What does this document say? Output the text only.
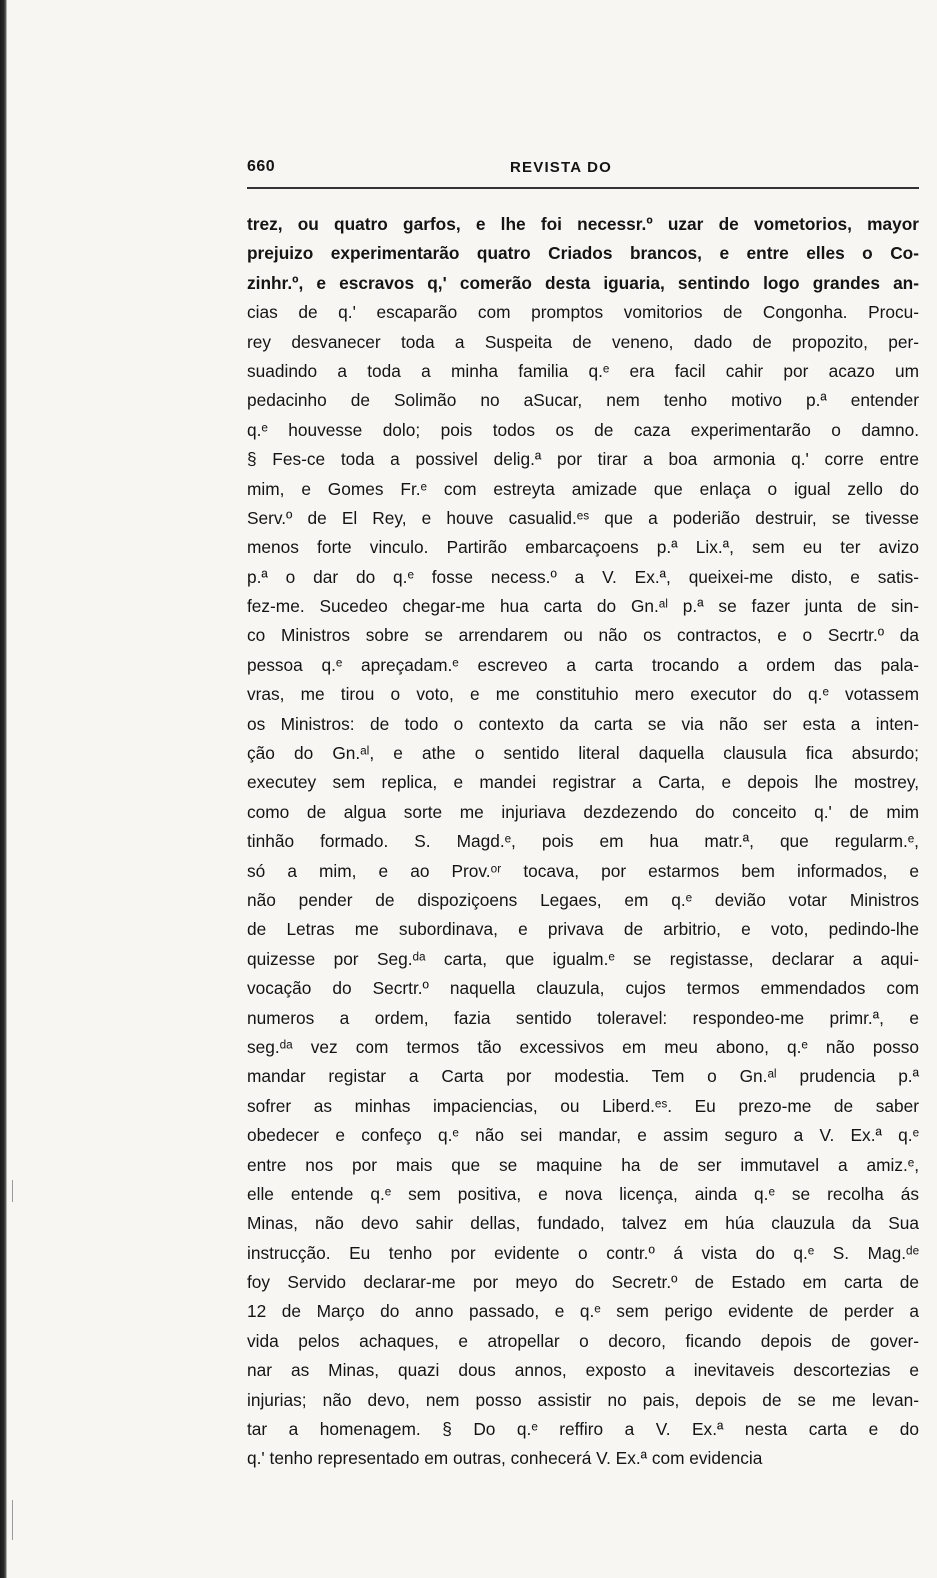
660	REVISTA DO
trez, ou quatro garfos, e lhe foi necessr.º uzar de vometorios, mayor
prejuizo experimentarão quatro Criados brancos, e entre elles o Co-
zinhr.º, e escravos q,' comerão desta iguaria, sentindo logo grandes an-
cias de q.' escaparão com promptos vomitorios de Congonha. Procu-
rey desvanecer toda a Suspeita de veneno, dado de propozito, per-
suadindo a toda a minha familia q.ᵉ era facil cahir por acazo um
pedacinho de Solimão no aSucar, nem tenho motivo p.ª entender
q.ᵉ houvesse dolo; pois todos os de caza experimentarão o damno.
§ Fes-ce toda a possivel delig.ª por tirar a boa armonia q.' corre entre
mim, e Gomes Fr.ᵉ com estreyta amizade que enlaça o igual zello do
Serv.º de El Rey, e houve casualid.ᵉˢ que a poderião destruir, se tivesse
menos forte vinculo. Partirão embarcaçoens p.ª Lix.ª, sem eu ter avizo
p.ª o dar do q.ᵉ fosse necess.º a V. Ex.ª, queixei-me disto, e satis-
fez-me. Sucedeo chegar-me hua carta do Gn.ᵃˡ p.ª se fazer junta de sin-
co Ministros sobre se arrendarem ou não os contractos, e o Secrtr.º da
pessoa q.ᵉ apreçadam.ᵉ escreveo a carta trocando a ordem das pala-
vras, me tirou o voto, e me constituhio mero executor do q.ᵉ votassem
os Ministros: de todo o contexto da carta se via não ser esta a inten-
ção do Gn.ᵃˡ, e athe o sentido literal daquella clausula fica absurdo;
executey sem replica, e mandei registrar a Carta, e depois lhe mostrey,
como de algua sorte me injuriava dezdezendo do conceito q.' de mim
tinhão formado. S. Magd.ᵉ, pois em hua matr.ª, que regularm.ᵉ,
só a mim, e ao Prov.ᵒʳ tocava, por estarmos bem informados, e
não pender de dispoziçoens Legaes, em q.ᵉ devião votar Ministros
de Letras me subordinava, e privava de arbitrio, e voto, pedindo-lhe
quizesse por Seg.ᵈᵃ carta, que igualm.ᵉ se registasse, declarar a aqui-
vocação do Secrtr.º naquella clauzula, cujos termos emmendados com
numeros a ordem, fazia sentido toleravel: respondeo-me primr.ª, e
seg.ᵈᵃ vez com termos tão excessivos em meu abono, q.ᵉ não posso
mandar registar a Carta por modestia. Tem o Gn.ᵃˡ prudencia p.ª
sofrer as minhas impaciencias, ou Liberd.ᵉˢ. Eu prezo-me de saber
obedecer e confeço q.ᵉ não sei mandar, e assim seguro a V. Ex.ª q.ᵉ
entre nos por mais que se maquine ha de ser immutavel a amiz.ᵉ,
elle entende q.ᵉ sem positiva, e nova licença, ainda q.ᵉ se recolha ás
Minas, não devo sahir dellas, fundado, talvez em húa clauzula da Sua
instrucção. Eu tenho por evidente o contr.º á vista do q.ᵉ S. Mag.ᵈᵉ
foy Servido declarar-me por meyo do Secretr.º de Estado em carta de
12 de Março do anno passado, e q.ᵉ sem perigo evidente de perder a
vida pelos achaques, e atropellar o decoro, ficando depois de gover-
nar as Minas, quazi dous annos, exposto a inevitaveis descortezias e
injurias; não devo, nem posso assistir no pais, depois de se me levan-
tar a homenagem. § Do q.ᵉ reffiro a V. Ex.ª nesta carta e do
q.' tenho representado em outras, conhecerá V. Ex.ª com evidencia
